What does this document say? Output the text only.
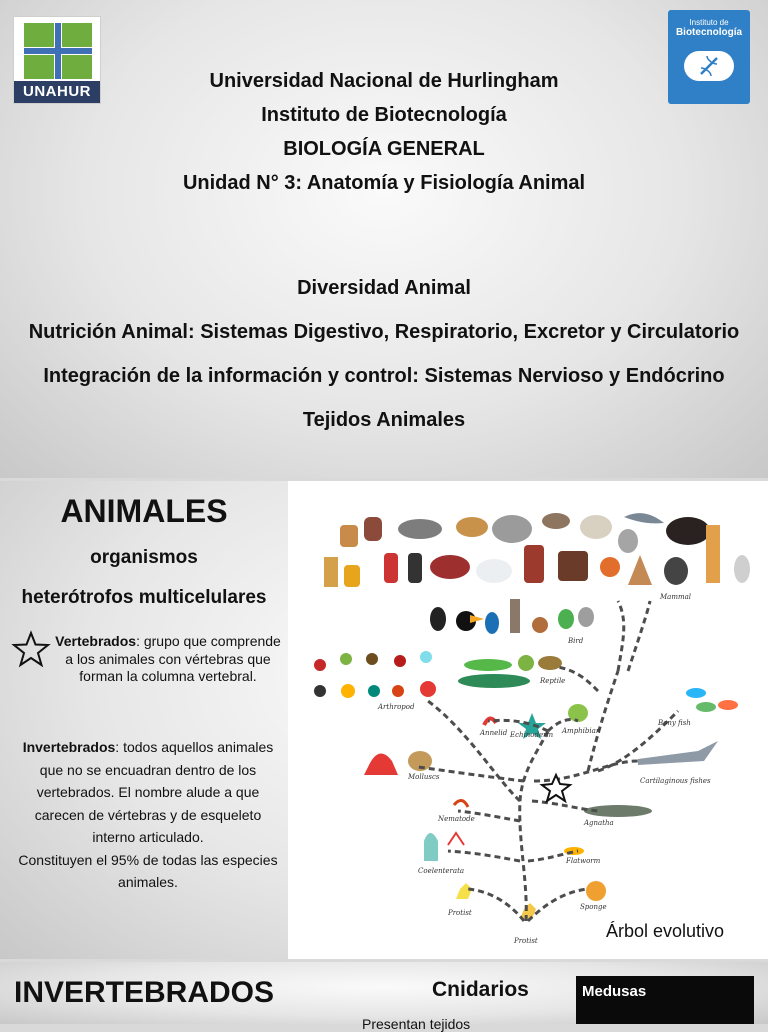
UNAHUR
Instituto de
Biotecnología
Universidad Nacional de Hurlingham
Instituto de Biotecnología
BIOLOGÍA GENERAL
Unidad N° 3: Anatomía y Fisiología Animal
Diversidad Animal
Nutrición Animal: Sistemas Digestivo, Respiratorio, Excretor y Circulatorio
Integración de la información y control: Sistemas Nervioso y Endócrino
Tejidos Animales
ANIMALES
organismos
heterótrofos multicelulares
Vertebrados: grupo que comprende a los animales con vértebras que forman la columna vertebral.
Invertebrados: todos aquellos animales que no se encuadran dentro de los vertebrados. El nombre alude a que carecen de vértebras y de esqueleto interno articulado.
Constituyen el 95% de todas las especies animales.
Mammal
Bird
Reptile
Arthropod
Annelid Echinoderm Amphibian
Bony fish
Molluscs	Cartilaginous fishes
Nematode	Agnatha
Flatworm
Coelenterata
Sponge
Protist
Protist	Árbol evolutivo
INVERTEBRADOS	Cnidarios
Presentan tejidos
Medusas
